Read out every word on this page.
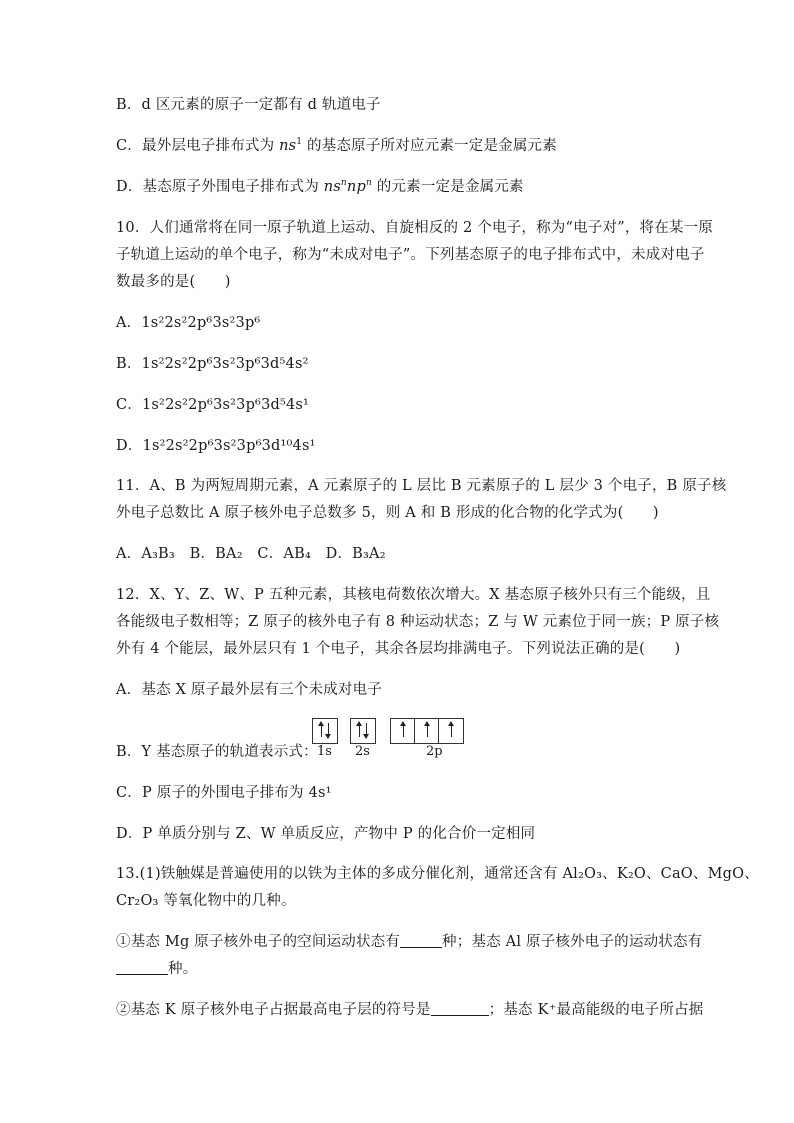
B．d 区元素的原子一定都有 d 轨道电子
C．最外层电子排布式为 $ns^1$ 的基态原子所对应元素一定是金属元素
D．基态原子外围电子排布式为 $ns^nnp^n$ 的元素一定是金属元素
10．人们通常将在同一原子轨道上运动、自旋相反的 2 个电子，称为“电子对”，将在某一原
子轨道上运动的单个电子，称为“未成对电子”。下列基态原子的电子排布式中，未成对电子
数最多的是(　　)
A．1s²2s²2p⁶3s²3p⁶
B．1s²2s²2p⁶3s²3p⁶3d⁵4s²
C．1s²2s²2p⁶3s²3p⁶3d⁵4s¹
D．1s²2s²2p⁶3s²3p⁶3d¹⁰4s¹
11．A、B 为两短周期元素，A 元素原子的 L 层比 B 元素原子的 L 层少 3 个电子，B 原子核
外电子总数比 A 原子核外电子总数多 5，则 A 和 B 形成的化合物的化学式为(　　)
A．A₃B₃　B．BA₂　C．AB₄　D．B₃A₂
12．X、Y、Z、W、P 五种元素，其核电荷数依次增大。X 基态原子核外只有三个能级，且
各能级电子数相等；Z 原子的核外电子有 8 种运动状态；Z 与 W 元素位于同一族；P 原子核
外有 4 个能层，最外层只有 1 个电子，其余各层均排满电子。下列说法正确的是(　　)
A．基态 X 原子最外层有三个未成对电子
B．Y 基态原子的轨道表示式： 1s 2s	2p
C．P 原子的外围电子排布为 4s¹
D．P 单质分别与 Z、W 单质反应，产物中 P 的化合价一定相同
13.(1)铁触媒是普遍使用的以铁为主体的多成分催化剂，通常还含有 Al₂O₃、K₂O、CaO、MgO、
Cr₂O₃ 等氧化物中的几种。
①基态 Mg 原子核外电子的空间运动状态有	种；基态 Al 原子核外电子的运动状态有
种。
②基态 K 原子核外电子占据最高电子层的符号是	；基态 K⁺最高能级的电子所占据
